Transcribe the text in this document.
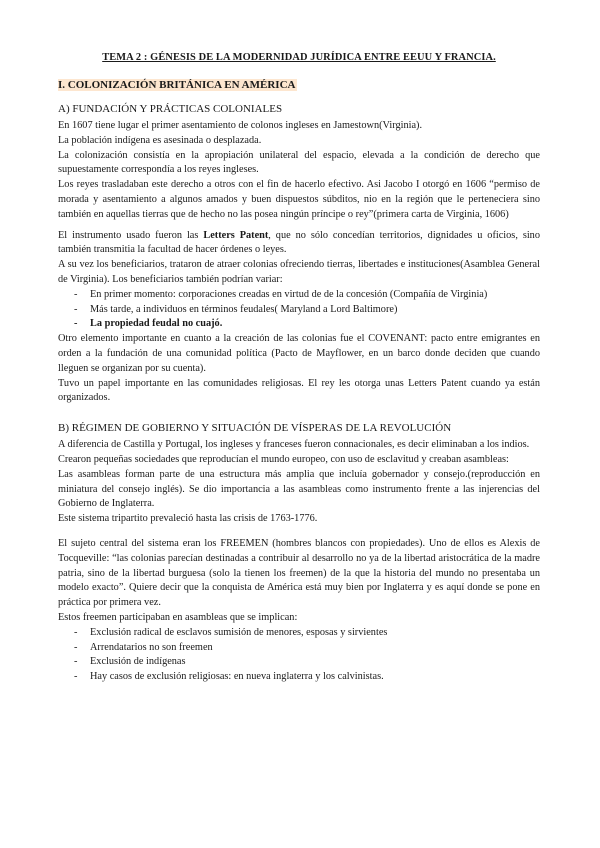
TEMA 2 : GÉNESIS DE LA MODERNIDAD JURÍDICA ENTRE EEUU Y FRANCIA.
I. COLONIZACIÓN BRITÁNICA EN AMÉRICA
A) FUNDACIÓN Y PRÁCTICAS COLONIALES

En 1607 tiene lugar el primer asentamiento de colonos ingleses en Jamestown(Virginia).

La población indígena es asesinada o desplazada.

La colonización consistía en la apropiación unilateral del espacio, elevada a la condición de derecho que supuestamente correspondía a los reyes ingleses.

Los reyes trasladaban este derecho a otros con el fin de hacerlo efectivo. Asi Jacobo I otorgó en 1606 “permiso de morada y asentamiento a algunos amados y buen dispuestos súbditos, nio en la región que le perteneciera sino también en aquellas tierras que de hecho no las posea ningún príncipe o rey”(primera carta de Virginia, 1606)

El instrumento usado fueron las Letters Patent, que no sólo concedían territorios, dignidades u oficios, sino también transmitia la facultad de hacer órdenes o leyes.

A su vez los beneficiarios, trataron de atraer colonias ofreciendo tierras, libertades e instituciones(Asamblea General de Virginia). Los beneficiarios también podrían variar:

- En primer momento: corporaciones creadas en virtud de de la concesión (Compañía de Virginia)
- Más tarde, a individuos en términos feudales( Maryland a Lord Baltimore)
- La propiedad feudal no cuajó.

Otro elemento importante en cuanto a la creación de las colonias fue el COVENANT: pacto entre emigrantes en orden a la fundación de una comunidad política (Pacto de Mayflower, en un barco donde deciden que cuando lleguen se organizan por su cuenta).

Tuvo un papel importante en las comunidades religiosas. El rey les otorga unas Letters Patent cuando ya están organizados.

B) RÉGIMEN DE GOBIERNO Y SITUACIÓN DE VÍSPERAS DE LA REVOLUCIÓN

A diferencia de Castilla y Portugal, los ingleses y franceses fueron connacionales, es decir eliminaban a los indios.

Crearon pequeñas sociedades que reproducían el mundo europeo, con uso de esclavitud y creaban asambleas:

Las asambleas forman parte de una estructura más amplia que incluía gobernador y consejo.(reproducción en miniatura del consejo inglés). Se dio importancia a las asambleas como instrumento frente a las injerencias del Gobierno de Inglaterra.

Este sistema tripartito prevaleció hasta las crisis de 1763-1776.

El sujeto central del sistema eran los FREEMEN (hombres blancos con propiedades). Uno de ellos es Alexis de Tocqueville: “las colonias parecían destinadas a contribuir al desarrollo no ya de la libertad aristocrática de la madre patria, sino de la libertad burguesa (solo la tienen los freemen) de la que la historia del mundo no presentaba un modelo exacto”. Quiere decir que la conquista de América está muy bien por Inglaterra y es aquí donde se pone en práctica por primera vez.

Estos freemen participaban en asambleas que se implican:

- Exclusión radical de esclavos sumisión de menores, esposas y sirvientes
- Arrendatarios no son freemen
- Exclusión de indígenas
- Hay casos de exclusión religiosas: en nueva inglaterra y los calvinistas.
